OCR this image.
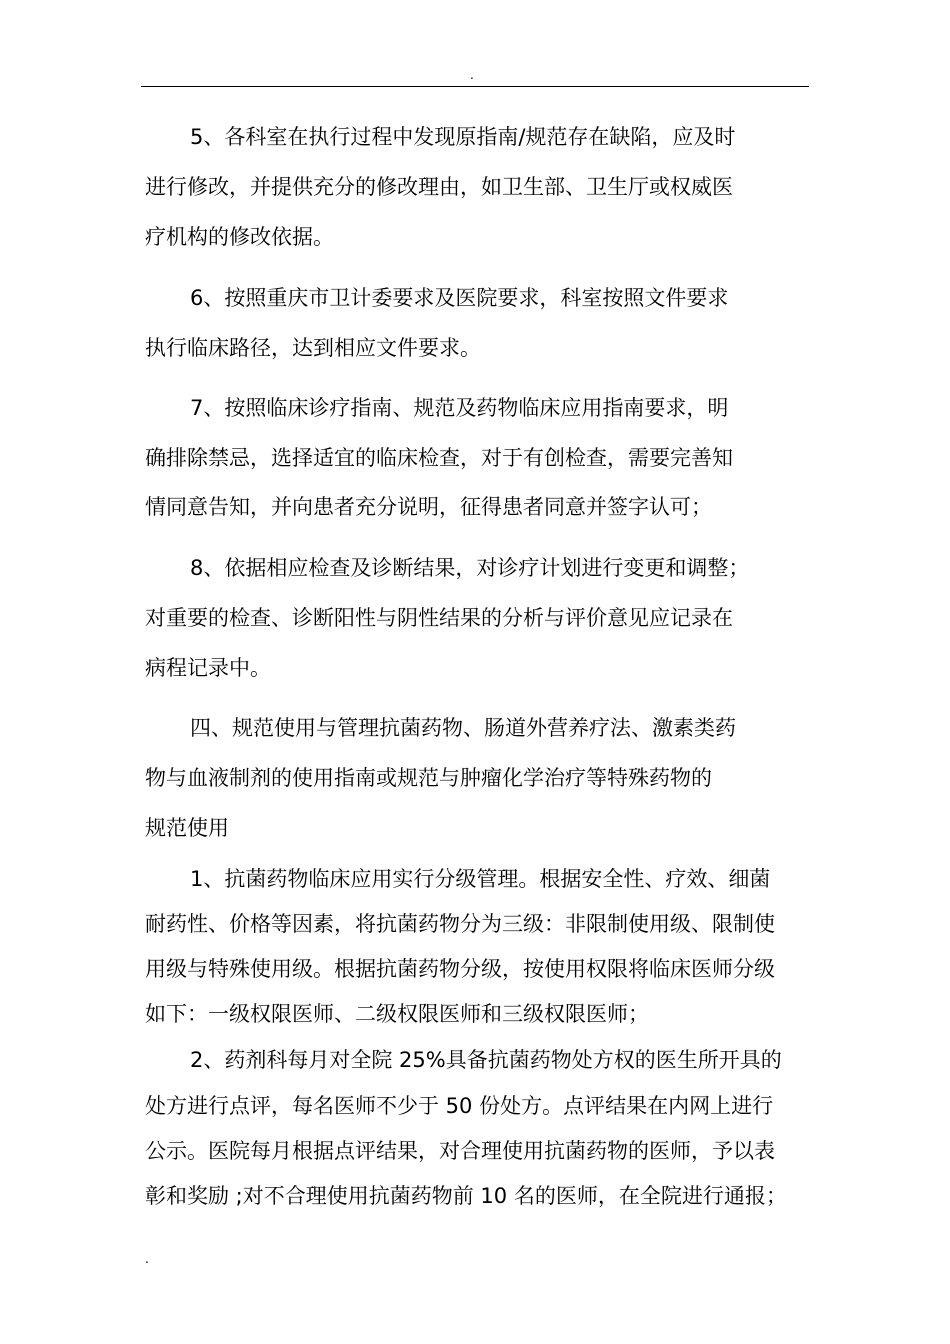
.
5、各科室在执行过程中发现原指南/规范存在缺陷，应及时
进行修改，并提供充分的修改理由，如卫生部、卫生厅或权威医
疗机构的修改依据。
6、按照重庆市卫计委要求及医院要求，科室按照文件要求
执行临床路径，达到相应文件要求。
7、按照临床诊疗指南、规范及药物临床应用指南要求，明
确排除禁忌，选择适宜的临床检查，对于有创检查，需要完善知
情同意告知，并向患者充分说明，征得患者同意并签字认可；
8、依据相应检查及诊断结果，对诊疗计划进行变更和调整；
对重要的检查、诊断阳性与阴性结果的分析与评价意见应记录在
病程记录中。
四、规范使用与管理抗菌药物、肠道外营养疗法、激素类药
物与血液制剂的使用指南或规范与肿瘤化学治疗等特殊药物的
规范使用
1、抗菌药物临床应用实行分级管理。根据安全性、疗效、细菌
耐药性、价格等因素，将抗菌药物分为三级：非限制使用级、限制使
用级与特殊使用级。根据抗菌药物分级，按使用权限将临床医师分级
如下：一级权限医师、二级权限医师和三级权限医师；
2、药剂科每月对全院 25%具备抗菌药物处方权的医生所开具的
处方进行点评，每名医师不少于 50 份处方。点评结果在内网上进行
公示。医院每月根据点评结果，对合理使用抗菌药物的医师，予以表
彰和奖励 ;对不合理使用抗菌药物前 10 名的医师，在全院进行通报；
.
